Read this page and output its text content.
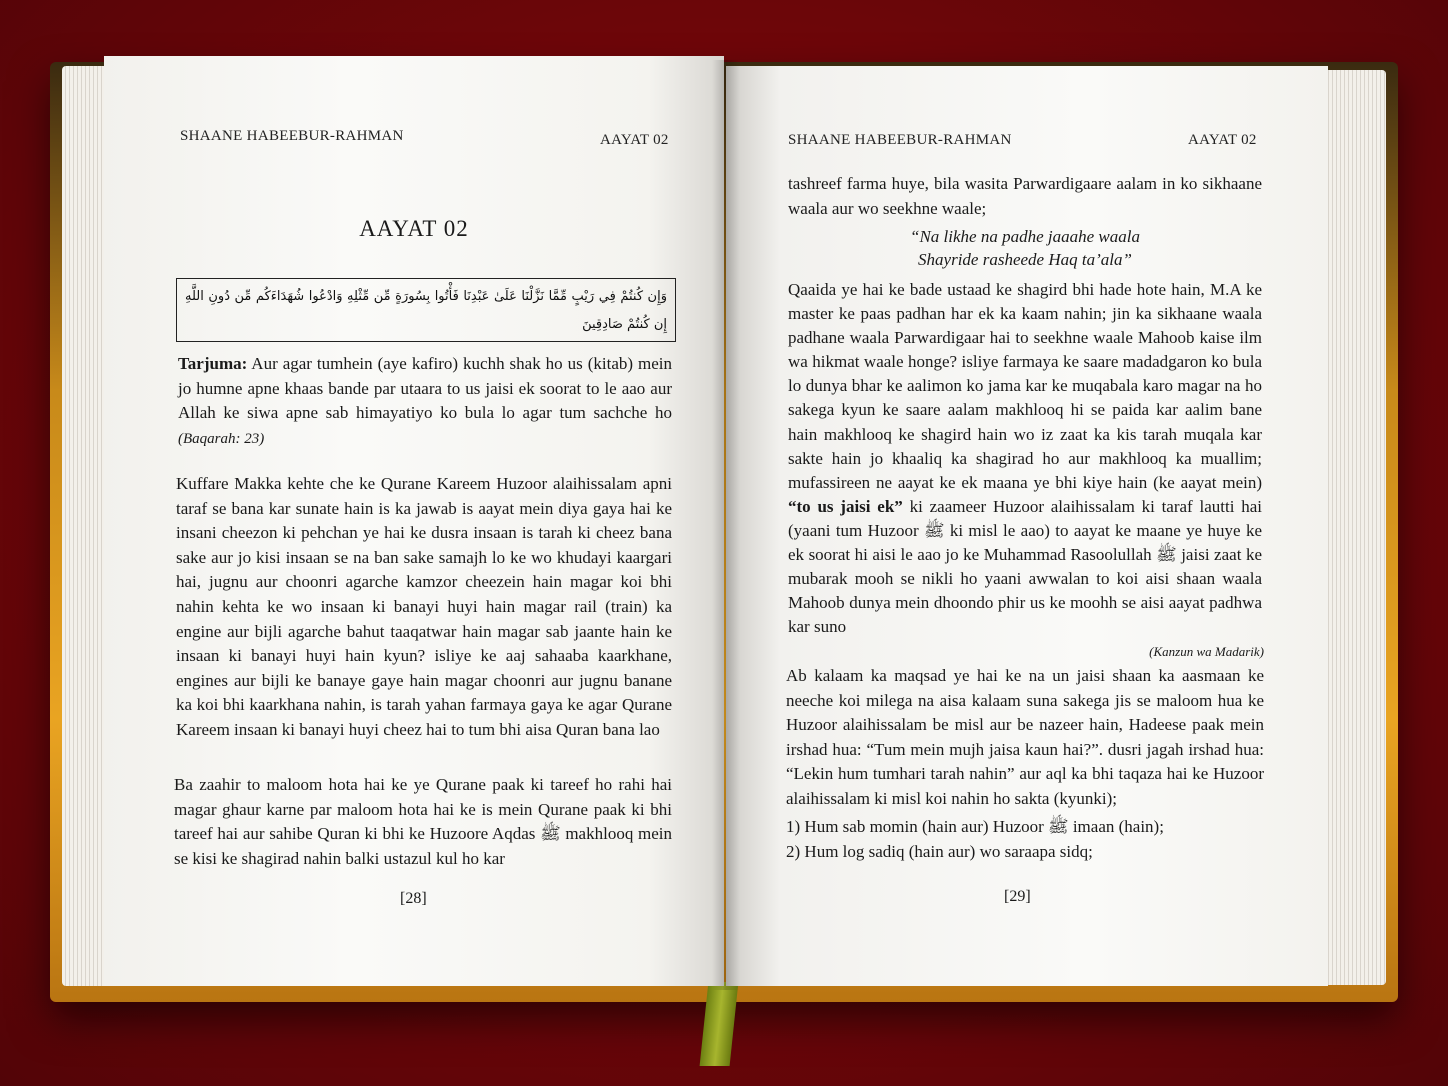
SHAANE HABEEBUR-RAHMAN	AAYAT 02
AAYAT 02
وَإِن كُنتُمْ فِي رَيْبٍ مِّمَّا نَزَّلْنَا عَلَىٰ عَبْدِنَا فَأْتُوا بِسُورَةٍ مِّن مِّثْلِهِ وَادْعُوا شُهَدَاءَكُم مِّن دُونِ اللَّهِ إِن كُنتُمْ صَادِقِينَ

Tarjuma: Aur agar tumhein (aye kafiro) kuchh shak ho us (kitab) mein jo humne apne khaas bande par utaara to us jaisi ek soorat to le aao aur Allah ke siwa apne sab himayatiyo ko bula lo agar tum sachche ho (Baqarah: 23)

Kuffare Makka kehte che ke Qurane Kareem Huzoor alaihissalam apni taraf se bana kar sunate hain is ka jawab is aayat mein diya gaya hai ke insani cheezon ki pehchan ye hai ke dusra insaan is tarah ki cheez bana sake aur jo kisi insaan se na ban sake samajh lo ke wo khudayi kaargari hai, jugnu aur choonri agarche kamzor cheezein hain magar koi bhi nahin kehta ke wo insaan ki banayi huyi hain magar rail (train) ka engine aur bijli agarche bahut taaqatwar hain magar sab jaante hain ke insaan ki banayi huyi hain kyun? isliye ke aaj sahaaba kaarkhane, engines aur bijli ke banaye gaye hain magar choonri aur jugnu banane ka koi bhi kaarkhana nahin, is tarah yahan farmaya gaya ke agar Qurane Kareem insaan ki banayi huyi cheez hai to tum bhi aisa Quran bana lao
Ba zaahir to maloom hota hai ke ye Qurane paak ki tareef ho rahi hai magar ghaur karne par maloom hota hai ke is mein Qurane paak ki bhi tareef hai aur sahibe Quran ki bhi ke Huzoore Aqdas ﷺ makhlooq mein se kisi ke shagirad nahin balki ustazul kul ho kar
[28]
SHAANE HABEEBUR-RAHMAN	AAYAT 02
tashreef farma huye, bila wasita Parwardigaare aalam in ko sikhaane waala aur wo seekhne waale;

“Na likhe na padhe jaaahe waala

Shayride rasheede Haq ta’ala”

Qaaida ye hai ke bade ustaad ke shagird bhi hade hote hain, M.A ke master ke paas padhan har ek ka kaam nahin; jin ka sikhaane waala padhane waala Parwardigaar hai to seekhne waale Mahoob kaise ilm wa hikmat waale honge? isliye farmaya ke saare madadgaron ko bula lo dunya bhar ke aalimon ko jama kar ke muqabala karo magar na ho sakega kyun ke saare aalam makhlooq hi se paida kar aalim bane hain makhlooq ke shagird hain wo iz zaat ka kis tarah muqala kar sakte hain jo khaaliq ka shagirad ho aur makhlooq ka muallim; mufassireen ne aayat ke ek maana ye bhi kiye hain (ke aayat mein) “to us jaisi ek” ki zaameer Huzoor alaihissalam ki taraf lautti hai (yaani tum Huzoor ﷺ ki misl le aao) to aayat ke maane ye huye ke ek soorat hi aisi le aao jo ke Muhammad Rasoolullah ﷺ jaisi zaat ke mubarak mooh se nikli ho yaani awwalan to koi aisi shaan waala Mahoob dunya mein dhoondo phir us ke moohh se aisi aayat padhwa kar suno

(Kanzun wa Madarik)
Ab kalaam ka maqsad ye hai ke na un jaisi shaan ka aasmaan ke neeche koi milega na aisa kalaam suna sakega jis se maloom hua ke Huzoor alaihissalam be misl aur be nazeer hain, Hadeese paak mein irshad hua: “Tum mein mujh jaisa kaun hai?”. dusri jagah irshad hua: “Lekin hum tumhari tarah nahin” aur aql ka bhi taqaza hai ke Huzoor alaihissalam ki misl koi nahin ho sakta (kyunki);

1) Hum sab momin (hain aur) Huzoor ﷺ imaan (hain);

2) Hum log sadiq (hain aur) wo saraapa sidq;

[29]
